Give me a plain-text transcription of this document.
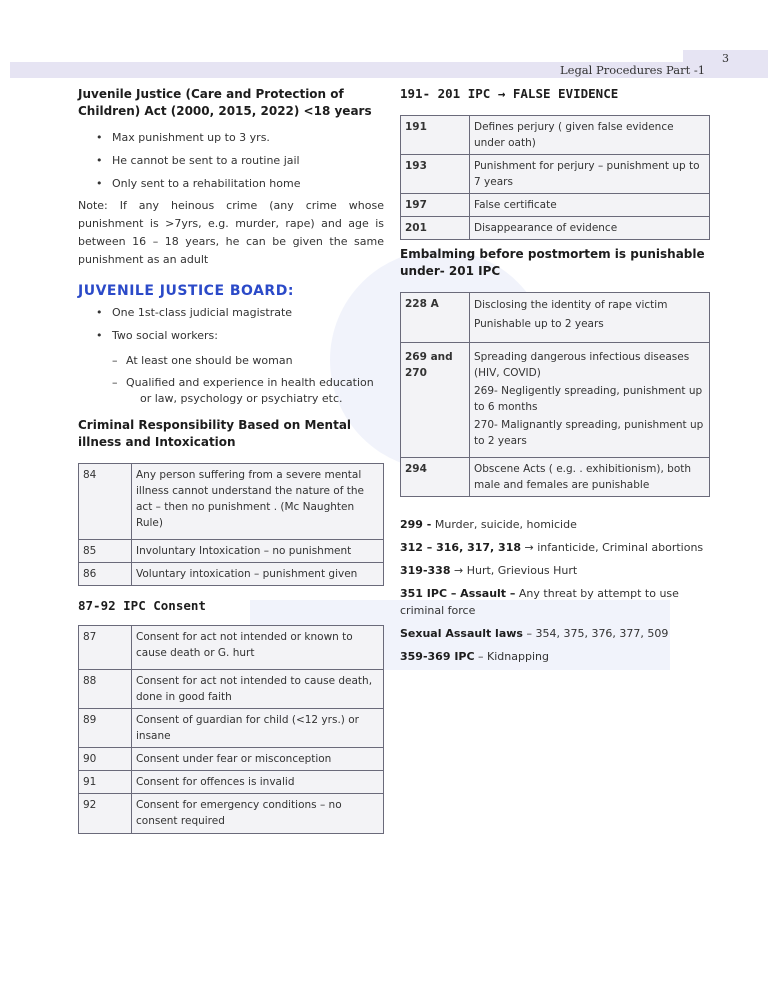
Legal Procedures Part -1
3
Juvenile Justice (Care and Protection of Children) Act (2000, 2015, 2022) <18 years
• Max punishment up to 3 yrs.
• He cannot be sent to a routine jail
• Only sent to a rehabilitation home
Note: If any heinous crime (any crime whose punishment is >7yrs, e.g. murder, rape) and age is between 16 – 18 years, he can be given the same punishment as an adult
JUVENILE JUSTICE BOARD:
• One 1st-class judicial magistrate
• Two social workers:
– At least one should be woman
– Qualified and experience in health education
or law, psychology or psychiatry etc.
Criminal Responsibility Based on Mental illness and Intoxication
84	Any person suffering from a severe mental illness cannot understand the nature of the act – then no punishment . (Mc Naughten Rule)
85	Involuntary Intoxication – no punishment
86	Voluntary intoxication – punishment given
87-92 IPC Consent
87	Consent for act not intended or known to cause death or G. hurt
88	Consent for act not intended to cause death, done in good faith
89	Consent of guardian for child (<12 yrs.) or insane
90	Consent under fear or misconception
91	Consent for offences is invalid
92	Consent for emergency conditions – no consent required
191- 201 IPC → FALSE EVIDENCE
191	Defines perjury ( given false evidence under oath)
193	Punishment for perjury – punishment up to 7 years
197	False certificate
201	Disappearance of evidence
Embalming before postmortem is punishable under- 201 IPC
228 A	Disclosing the identity of rape victim
Punishable up to 2 years

269 and 270	Spreading dangerous infectious diseases (HIV, COVID)
269- Negligently spreading, punishment up to 6 months
270- Malignantly spreading, punishment up to 2 years

294	Obscene Acts ( e.g. . exhibitionism), both male and females are punishable
299 - Murder, suicide, homicide
312 – 316, 317, 318 → infanticide, Criminal abortions
319-338 → Hurt, Grievious Hurt
351 IPC – Assault – Any threat by attempt to use criminal force
Sexual Assault laws – 354, 375, 376, 377, 509
359-369 IPC – Kidnapping
